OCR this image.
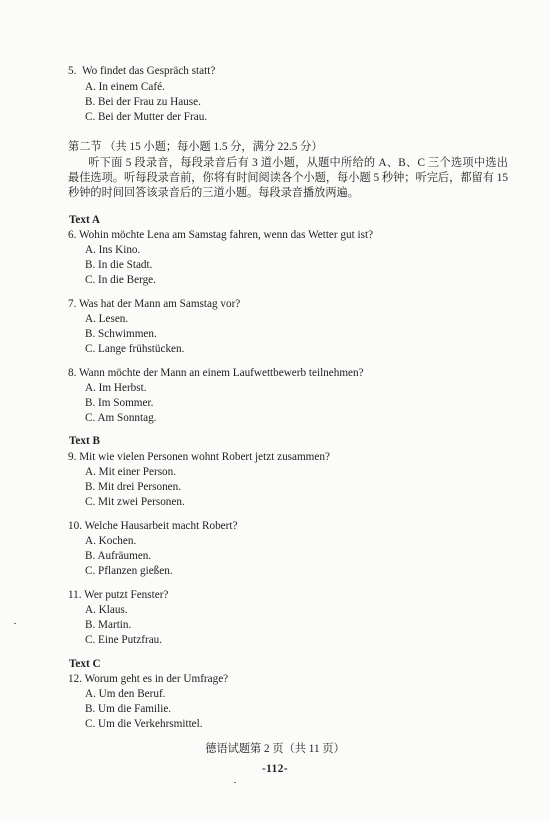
5.  Wo findet das Gespräch statt?
A. In einem Café.
B. Bei der Frau zu Hause.
C. Bei der Mutter der Frau.
第二节 （共 15 小题；每小题 1.5 分，满分 22.5 分）
听下面 5 段录音，每段录音后有 3 道小题，从题中所给的 A、B、C 三个选项中选出最佳选项。听每段录音前，你将有时间阅读各个小题，每小题 5 秒钟；听完后，都留有 15 秒钟的时间回答该录音后的三道小题。每段录音播放两遍。
Text A
6. Wohin möchte Lena am Samstag fahren, wenn das Wetter gut ist?
A. Ins Kino.
B. In die Stadt.
C. In die Berge.
7. Was hat der Mann am Samstag vor?
A. Lesen.
B. Schwimmen.
C. Lange frühstücken.
8. Wann möchte der Mann an einem Laufwettbewerb teilnehmen?
A. Im Herbst.
B. Im Sommer.
C. Am Sonntag.
Text B
9. Mit wie vielen Personen wohnt Robert jetzt zusammen?
A. Mit einer Person.
B. Mit drei Personen.
C. Mit zwei Personen.
10. Welche Hausarbeit macht Robert?
A. Kochen.
B. Aufräumen.
C. Pflanzen gießen.
11. Wer putzt Fenster?
A. Klaus.
B. Martin.
C. Eine Putzfrau.
Text C
12. Worum geht es in der Umfrage?
A. Um den Beruf.
B. Um die Familie.
C. Um die Verkehrsmittel.
德语试题第 2 页（共 11 页）
-112-
